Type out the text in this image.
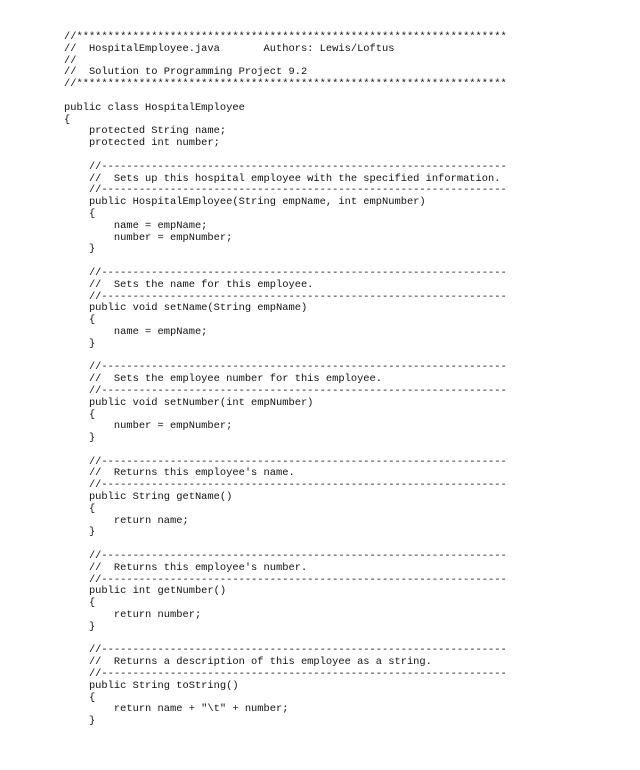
//*********************************************************************
//  HospitalEmployee.java       Authors: Lewis/Loftus
//
//  Solution to Programming Project 9.2
//*********************************************************************
public class HospitalEmployee
{
protected String name;
protected int number;
//-----------------------------------------------------------------
//  Sets up this hospital employee with the specified information.
//-----------------------------------------------------------------
public HospitalEmployee(String empName, int empNumber)
{
name = empName;
number = empNumber;
}
//-----------------------------------------------------------------
//  Sets the name for this employee.
//-----------------------------------------------------------------
public void setName(String empName)
{
name = empName;
}
//-----------------------------------------------------------------
//  Sets the employee number for this employee.
//-----------------------------------------------------------------
public void setNumber(int empNumber)
{
number = empNumber;
}
//-----------------------------------------------------------------
//  Returns this employee's name.
//-----------------------------------------------------------------
public String getName()
{
return name;
}
//-----------------------------------------------------------------
//  Returns this employee's number.
//-----------------------------------------------------------------
public int getNumber()
{
return number;
}
//-----------------------------------------------------------------
//  Returns a description of this employee as a string.
//-----------------------------------------------------------------
public String toString()
{
return name + "\t" + number;
}
